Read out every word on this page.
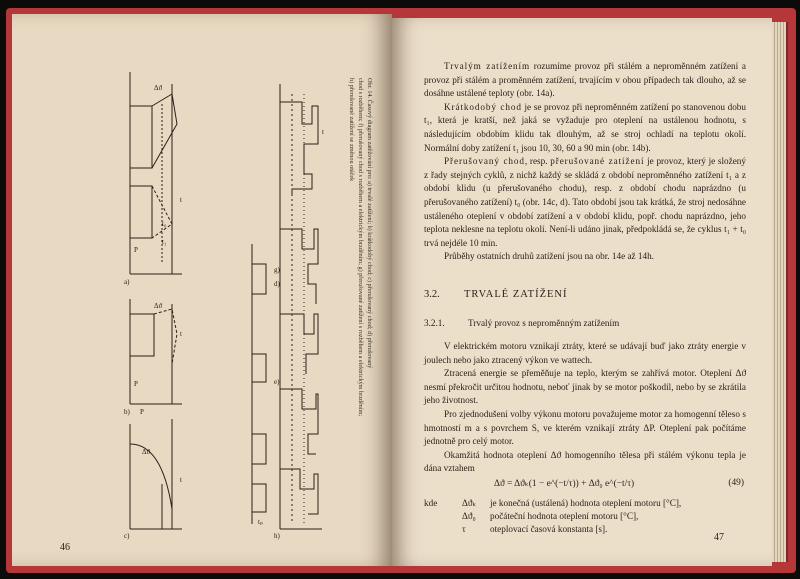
a)
b)
c)
d)
e)
g)
h)
t
t
t
t
P
P
P
Δϑ
Δϑ
Δϑ
t₁
t₀
tₚ
Obr. 14. Časový diagram zatěžování pro: a) trvalé zatížení; b) krátkodobý chod; c) přerušovaný chod; d) přerušovaný
chod s rozběhem; f) přerušovaný chod s rozběhem a elektrickým brzděním; g) přerušované zatížení s rozběhem a elektrickým brzděním;
h) přerušované zatížení se změnou otáček
46

Trvalým zatížením rozumíme provoz při stálém a neproměnném zatížení a provoz při stálém a proměnném zatížení, trvajícím v obou případech tak dlouho, až se dosáhne ustálené teploty (obr. 14a).

Krátkodobý chod je se provoz při neproměnném zatížení po stanovenou dobu t₁, která je kratší, než jaká se vyžaduje pro oteplení na ustálenou hodnotu, s následujícím obdobím klidu tak dlouhým, až se stroj ochladí na teplotu okolí. Normální doby zatížení t₁ jsou 10, 30, 60 a 90 min (obr. 14b).

Přerušovaný chod, resp. přerušované zatížení je provoz, který je složený z řady stejných cyklů, z nichž každý se skládá z období neproměnného zatížení t₁ a z období klidu (u přerušovaného chodu), resp. z období chodu naprázdno (u přerušovaného zatížení) t₀ (obr. 14c, d). Tato období jsou tak krátká, že stroj nedosáhne ustáleného oteplení v období zatížení a v období klidu, popř. chodu naprázdno, jeho teplota neklesne na teplotu okolí. Není-li udáno jinak, předpokládá se, že cyklus t₁ + t₀ trvá nejdéle 10 min.

Průběhy ostatních druhů zatížení jsou na obr. 14e až 14h.

3.2. TRVALÉ ZATÍŽENÍ
3.2.1.	Trvalý provoz s neproměnným zatížením

V elektrickém motoru vznikají ztráty, které se udávají buď jako ztráty energie v joulech nebo jako ztracený výkon ve wattech.

Ztracená energie se přeměňuje na teplo, kterým se zahřívá motor. Oteplení Δϑ nesmí překročit určitou hodnotu, neboť jinak by se motor poškodil, nebo by se zkrátila jeho životnost.

Pro zjednodušení volby výkonu motoru považujeme motor za homogenní těleso s hmotností m a s povrchem S, ve kterém vznikají ztráty ΔP. Oteplení pak počítáme jednotně pro celý motor.

Okamžitá hodnota oteplení Δϑ homogenního tělesa při stálém výkonu tepla je dána vztahem

Δϑ = Δϑₖ(1 − e^(−t/τ)) + Δϑ₀ e^(−t/τ)	(49)
kde	Δϑₖ	je konečná (ustálená) hodnota oteplení motoru [°C],
Δϑ₀	počáteční hodnota oteplení motoru [°C],
τ	oteplovací časová konstanta [s].
47
